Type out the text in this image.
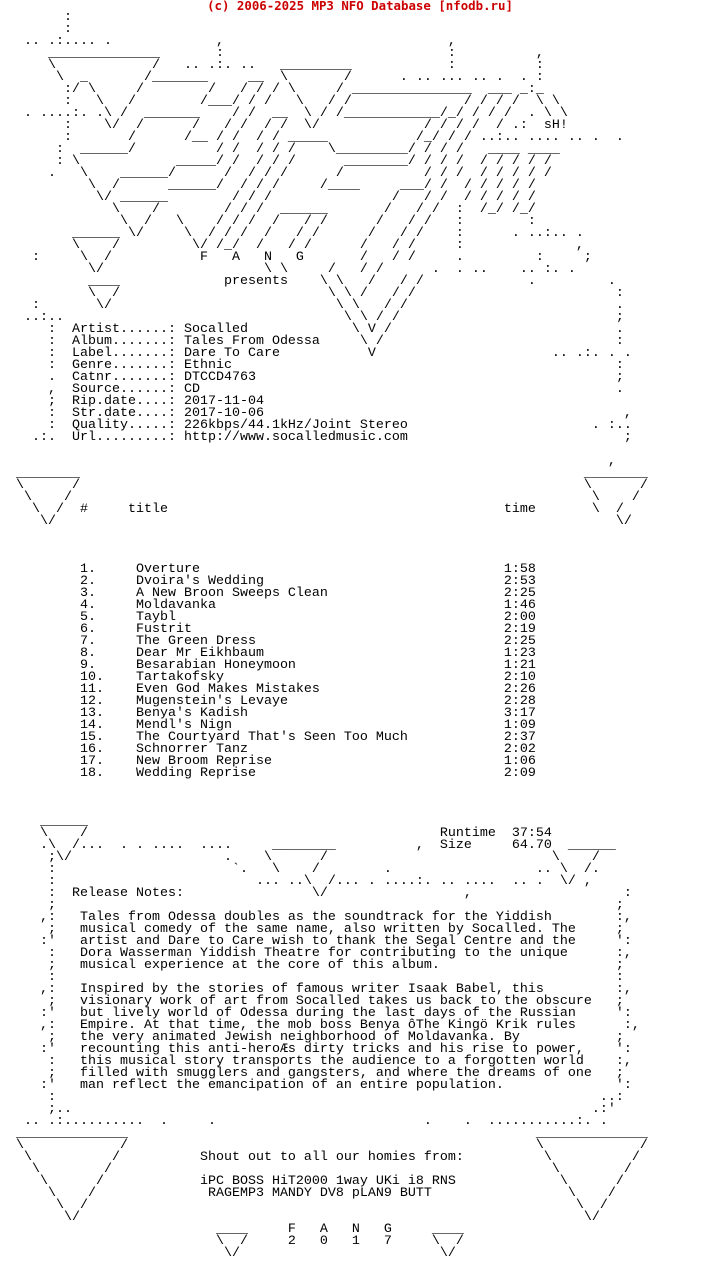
(c) 2006-2025 MP3 NFO Database [nfodb.ru]
:
:
.. .:.... .             ,                            ,
______________       :                            :          ,
\            /   .. .:. ..   _________            :          :
\  _       /_______     __  \       /      . .. ... .. .  . :
:/ \     /        /   / / / \     / _______________  ___ _:_
:   \   /        /___/ / /   \   / /              / / / /  \ \
. ....:. .\ /  _______    / /  __  \ / /____________/_/ / / /  . \ \
:    \/  /      /   / /  / /  \/             / / / /  / .:  sH!
:       /      /__ / /  / / _____           /_/ / / ..:.. .... .. .  .
:  ______/          / /  / / /    \_________/ / / /   ____ ____
: \            _____/ /  / / /      ________/ / / /  / / / / /
.   \    ______/      /  / / /      /          / / /  / / / / /
\  /      ______/  / / /     /____     ___/ /  / / / / /
\/ ______        / / /               /   / /  / / / / /
\    /        / / /  ______       /   / /  :  /_/ /_/
\  /   \    / / /  /   / /      /   / /   :        :
______ \/     \  / / /  /   / /      /   / /    :      . ..:.. .
\    /         \/ /_/  /   / /      /   / /     :              ,
:     \  /           F   A   N   G       /   / /     .         :     ;
\/                    \ \     /   / /      .  . ..    .. :. .
____             presents    \ \   /   / /             .         .
\  /                          \ \ /   / /                         :
:       \/                            \ \   / /                          .
..:..                                   \ \ / /                           ;
:  Artist......: Socalled             \ V /                            .
:  Album.......: Tales From Odessa     \ /                             :
:  Label.......: Dare To Care           V                      .. .:. . .
:  Genre.......: Ethnic                                                :
.  Catnr.......: DTCCD4763                                             ;
,  Source......: CD                                                    .
;  Rip.date....: 2017-11-04
:  Str.date....: 2017-10-06                                             ,
:  Quality.....: 226kbps/44.1kHz/Joint Stereo                       . :..
.:.  Url.........: http://www.socalledmusic.com                           ;

,
________                                                               ________
\      /                                                               \      /
\    /                                                                 \    /
\  /  #     title                                          time       \  /
\/                                                                      \/

1.     Overture                                      1:58
2.     Dvoira's Wedding                              2:53
3.     A New Broon Sweeps Clean                      2:25
4.     Moldavanka                                    1:46
5.     Taybl                                         2:00
6.     Fustrit                                       2:19
7.     The Green Dress                               2:25
8.     Dear Mr Eikhbaum                              1:23
9.     Besarabian Honeymoon                          1:21
10.    Tartakofsky                                   2:10
11.    Even God Makes Mistakes                       2:26
12.    Mugenstein's Levaye                           2:28
13.    Benya's Kadish                                3:17
14.    Mendl's Nign                                  1:09
15.    The Courtyard That's Seen Too Much            2:37
16.    Schnorrer Tanz                                2:02
17.    New Broom Reprise                             1:06
18.    Wedding Reprise                               2:09

______
\    /                                            Runtime  37:54
.\  /...  . . ....  ....     ________          ,  Size     64.70  ______
;\/                   .    \      /                            \    /
:                      `.   \    /        .                  .. \  /.
:                         ... ..\  /... . ....:. .. ....  .. .  \/ ,
:  Release Notes:                \/                 ,                   :
;                                                                      ;
,:   Tales from Odessa doubles as the soundtrack for the Yiddish        :,
;   musical comedy of the same name, also written by Socalled. The     ;
:'   artist and Dare to Care wish to thank the Segal Centre and the     ':
:   Dora Wasserman Yiddish Theatre for contributing to the unique      :,
;   musical experience at the core of this album.                      ;
:                                                                      :
,:   Inspired by the stories of famous writer Isaak Babel, this         :,
;   visionary work of art from Socalled takes us back to the obscure   ;
:'   but lively world of Odessa during the last days of the Russian     ':
,:   Empire. At that time, the mob boss Benya ôThe Kingö Krik rules      :,
;   the very animated Jewish neighborhood of Moldavanka. By            ;
:'   recounting this anti-heroÆs dirty tricks and his rise to power,    ':
:   this musical story transports the audience to a forgotten world    :,
;   filled with smugglers and gangsters, and where the dreams of one   ;
:'   man reflect the emancipation of an entire population.              ':
:                                                                    ..:
;..                                                                 .:'
.. .:..........  .     .                          .    .  ...........:. .
______________                                                   ______________
\            /                                                   \            /
\          /          Shout out to all our homies from:          \          /
\        /                                                       \        /
\      /            iPC BOSS HiT2000 1way UKi i8 RNS             \      /
\    /              RAGEMP3 MANDY DV8 pLAN9 BUTT                 \    /
\  /                                                             \  /
\/                                                               \/
____     F   A   N   G     ____
\  /     2   0   1   7     \  /
\/                         \/
